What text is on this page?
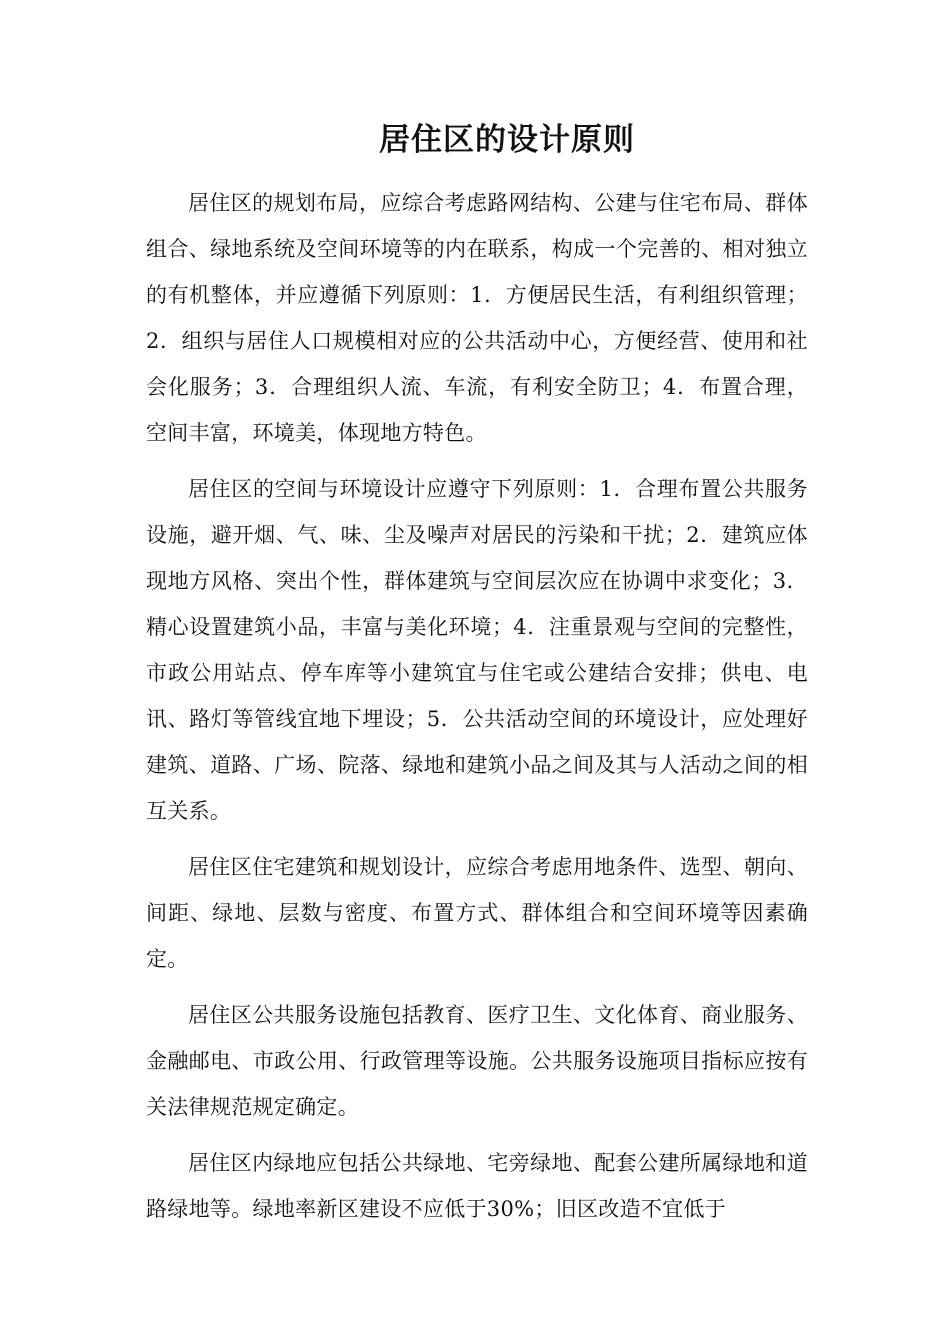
居住区的设计原则

居住区的规划布局，应综合考虑路网结构、公建与住宅布局、群体组合、绿地系统及空间环境等的内在联系，构成一个完善的、相对独立的有机整体，并应遵循下列原则：1．方便居民生活，有利组织管理；2．组织与居住人口规模相对应的公共活动中心，方便经营、使用和社会化服务；3．合理组织人流、车流，有利安全防卫；4．布置合理，空间丰富，环境美，体现地方特色。

居住区的空间与环境设计应遵守下列原则：1．合理布置公共服务设施，避开烟、气、味、尘及噪声对居民的污染和干扰；2．建筑应体现地方风格、突出个性，群体建筑与空间层次应在协调中求变化；3．精心设置建筑小品，丰富与美化环境；4．注重景观与空间的完整性，市政公用站点、停车库等小建筑宜与住宅或公建结合安排；供电、电讯、路灯等管线宜地下埋设；5．公共活动空间的环境设计，应处理好建筑、道路、广场、院落、绿地和建筑小品之间及其与人活动之间的相互关系。

居住区住宅建筑和规划设计，应综合考虑用地条件、选型、朝向、间距、绿地、层数与密度、布置方式、群体组合和空间环境等因素确定。

居住区公共服务设施包括教育、医疗卫生、文化体育、商业服务、金融邮电、市政公用、行政管理等设施。公共服务设施项目指标应按有关法律规范规定确定。

居住区内绿地应包括公共绿地、宅旁绿地、配套公建所属绿地和道路绿地等。绿地率新区建设不应低于30%；旧区改造不宜低于
